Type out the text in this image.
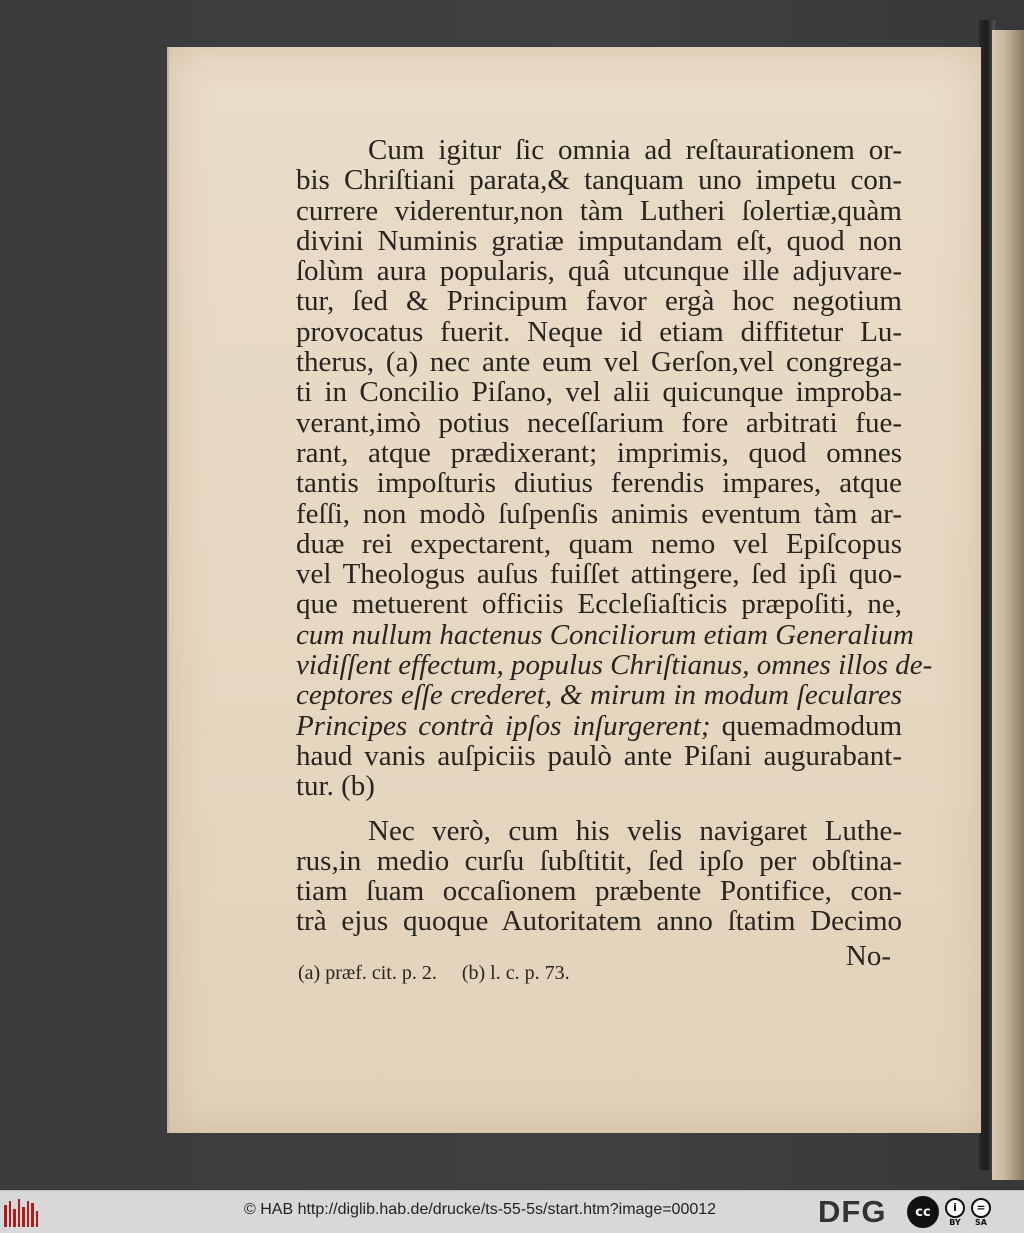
Cum igitur ſic omnia ad reſtaurationem or-
bis Chriſtiani parata,& tanquam uno impetu con-
currere viderentur,non tàm Lutheri ſolertiæ,quàm
divini Numinis gratiæ imputandam eſt, quod non
ſolùm aura popularis, quâ utcunque ille adjuvare-
tur, ſed & Principum favor ergà hoc negotium
provocatus fuerit. Neque id etiam diffitetur Lu-
therus, (a) nec ante eum vel Gerſon,vel congrega-
ti in Concilio Piſano, vel alii quicunque improba-
verant,imò potius neceſſarium fore arbitrati fue-
rant, atque prædixerant; imprimis, quod omnes
tantis impoſturis diutius ferendis impares, atque
feſſi, non modò ſuſpenſis animis eventum tàm ar-
duæ rei expectarent, quam nemo vel Epiſcopus
vel Theologus auſus fuiſſet attingere, ſed ipſi quo-
que metuerent officiis Eccleſiaſticis præpoſiti, ne,
cum nullum hactenus Conciliorum etiam Generalium
vidiſſent effectum, populus Chriſtianus, omnes illos de-
ceptores eſſe crederet, & mirum in modum ſeculares
Principes contrà ipſos inſurgerent; quemadmodum
haud vanis auſpiciis paulò ante Piſani augurabant-
tur. (b)
Nec verò, cum his velis navigaret Luthe-
rus,in medio curſu ſubſtitit, ſed ipſo per obſtina-
tiam ſuam occaſionem præbente Pontifice, con-
trà ejus quoque Autoritatem anno ſtatim Decimo
No-
(a) præf. cit. p. 2. (b) l. c. p. 73.
© HAB http://diglib.hab.de/drucke/ts-55-5s/start.htm?image=00012	DFG	cc	i
BY
=
SA
